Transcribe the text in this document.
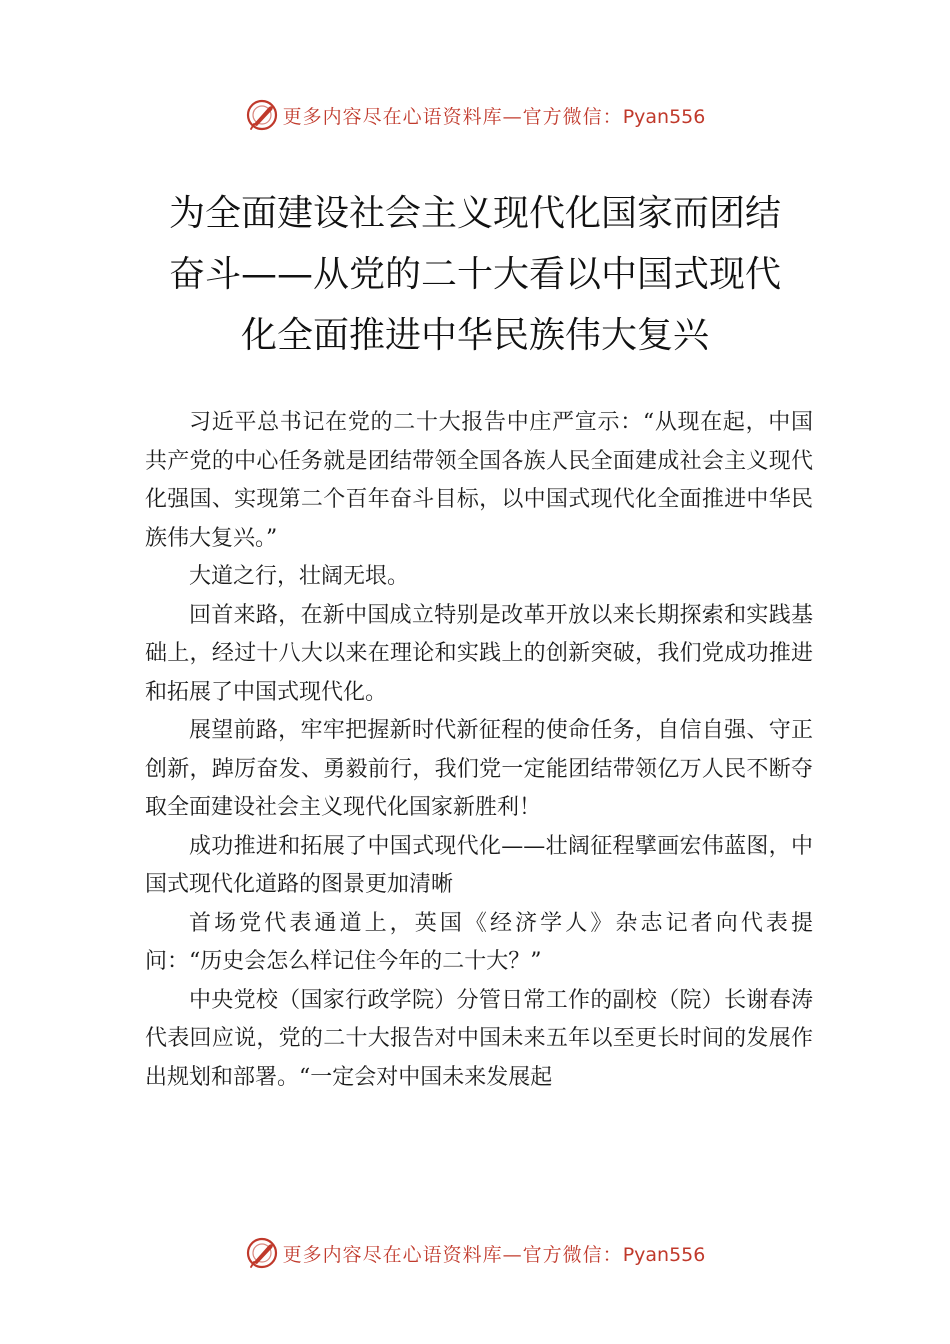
更多内容尽在心语资料库—官方微信：Pyan556
为全面建设社会主义现代化国家而团结
奋斗——从党的二十大看以中国式现代
化全面推进中华民族伟大复兴

习近平总书记在党的二十大报告中庄严宣示：“从现在起，中国共产党的中心任务就是团结带领全国各族人民全面建成社会主义现代化强国、实现第二个百年奋斗目标，以中国式现代化全面推进中华民族伟大复兴。”

大道之行，壮阔无垠。

回首来路，在新中国成立特别是改革开放以来长期探索和实践基础上，经过十八大以来在理论和实践上的创新突破，我们党成功推进和拓展了中国式现代化。

展望前路，牢牢把握新时代新征程的使命任务，自信自强、守正创新，踔厉奋发、勇毅前行，我们党一定能团结带领亿万人民不断夺取全面建设社会主义现代化国家新胜利！

成功推进和拓展了中国式现代化——壮阔征程擘画宏伟蓝图，中国式现代化道路的图景更加清晰

首场党代表通道上，英国《经济学人》杂志记者向代表提问：“历史会怎么样记住今年的二十大？”

中央党校（国家行政学院）分管日常工作的副校（院）长谢春涛代表回应说，党的二十大报告对中国未来五年以至更长时间的发展作出规划和部署。“一定会对中国未来发展起

更多内容尽在心语资料库—官方微信：Pyan556
